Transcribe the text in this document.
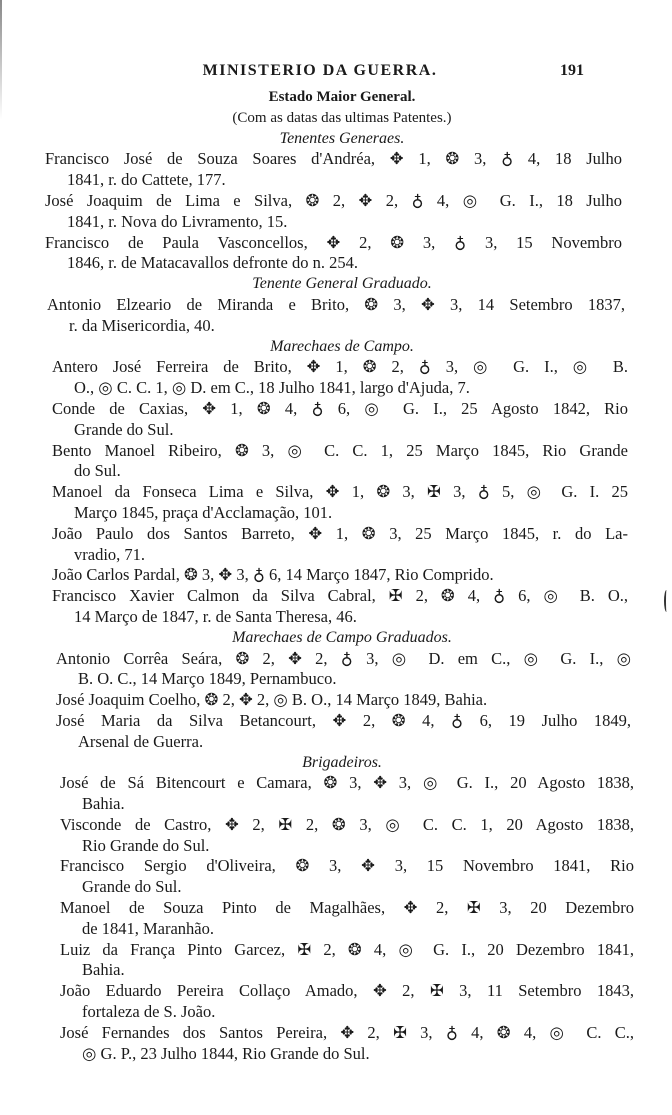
MINISTERIO DA GUERRA.	191
Estado Maior General.
(Com as datas das ultimas Patentes.)
Tenentes Generaes.
Francisco José de Souza Soares d'Andréa, ✥ 1, ❂ 3, ♁ 4, 18 Julho
1841, r. do Cattete, 177.
José Joaquim de Lima e Silva, ❂ 2, ✥ 2, ♁ 4, ◎ G. I., 18 Julho
1841, r. Nova do Livramento, 15.
Francisco de Paula Vasconcellos, ✥ 2, ❂ 3, ♁ 3, 15 Novembro
1846, r. de Matacavallos defronte do n. 254.
Tenente General Graduado.
Antonio Elzeario de Miranda e Brito, ❂ 3, ✥ 3, 14 Setembro 1837,
r. da Misericordia, 40.
Marechaes de Campo.
Antero José Ferreira de Brito, ✥ 1, ❂ 2, ♁ 3, ◎ G. I., ◎ B.
O., ◎ C. C. 1, ◎ D. em C., 18 Julho 1841, largo d'Ajuda, 7.
Conde de Caxias, ✥ 1, ❂ 4, ♁ 6, ◎ G. I., 25 Agosto 1842, Rio
Grande do Sul.
Bento Manoel Ribeiro, ❂ 3, ◎ C. C. 1, 25 Março 1845, Rio Grande
do Sul.
Manoel da Fonseca Lima e Silva, ✥ 1, ❂ 3, ✠ 3, ♁ 5, ◎ G. I. 25
Março 1845, praça d'Acclamação, 101.
João Paulo dos Santos Barreto, ✥ 1, ❂ 3, 25 Março 1845, r. do La-
vradio, 71.
João Carlos Pardal, ❂ 3, ✥ 3, ♁ 6, 14 Março 1847, Rio Comprido.
Francisco Xavier Calmon da Silva Cabral, ✠ 2, ❂ 4, ♁ 6, ◎ B. O.,
14 Março de 1847, r. de Santa Theresa, 46.
Marechaes de Campo Graduados.
Antonio Corrêa Seára, ❂ 2, ✥ 2, ♁ 3, ◎ D. em C., ◎ G. I., ◎
B. O. C., 14 Março 1849, Pernambuco.
José Joaquim Coelho, ❂ 2, ✥ 2, ◎ B. O., 14 Março 1849, Bahia.
José Maria da Silva Betancourt, ✥ 2, ❂ 4, ♁ 6, 19 Julho 1849,
Arsenal de Guerra.
Brigadeiros.
José de Sá Bitencourt e Camara, ❂ 3, ✥ 3, ◎ G. I., 20 Agosto 1838,
Bahia.
Visconde de Castro, ✥ 2, ✠ 2, ❂ 3, ◎ C. C. 1, 20 Agosto 1838,
Rio Grande do Sul.
Francisco Sergio d'Oliveira, ❂ 3, ✥ 3, 15 Novembro 1841, Rio
Grande do Sul.
Manoel de Souza Pinto de Magalhães, ✥ 2, ✠ 3, 20 Dezembro
de 1841, Maranhão.
Luiz da França Pinto Garcez, ✠ 2, ❂ 4, ◎ G. I., 20 Dezembro 1841,
Bahia.
João Eduardo Pereira Collaço Amado, ✥ 2, ✠ 3, 11 Setembro 1843,
fortaleza de S. João.
José Fernandes dos Santos Pereira, ✥ 2, ✠ 3, ♁ 4, ❂ 4, ◎ C. C.,
◎ G. P., 23 Julho 1844, Rio Grande do Sul.
